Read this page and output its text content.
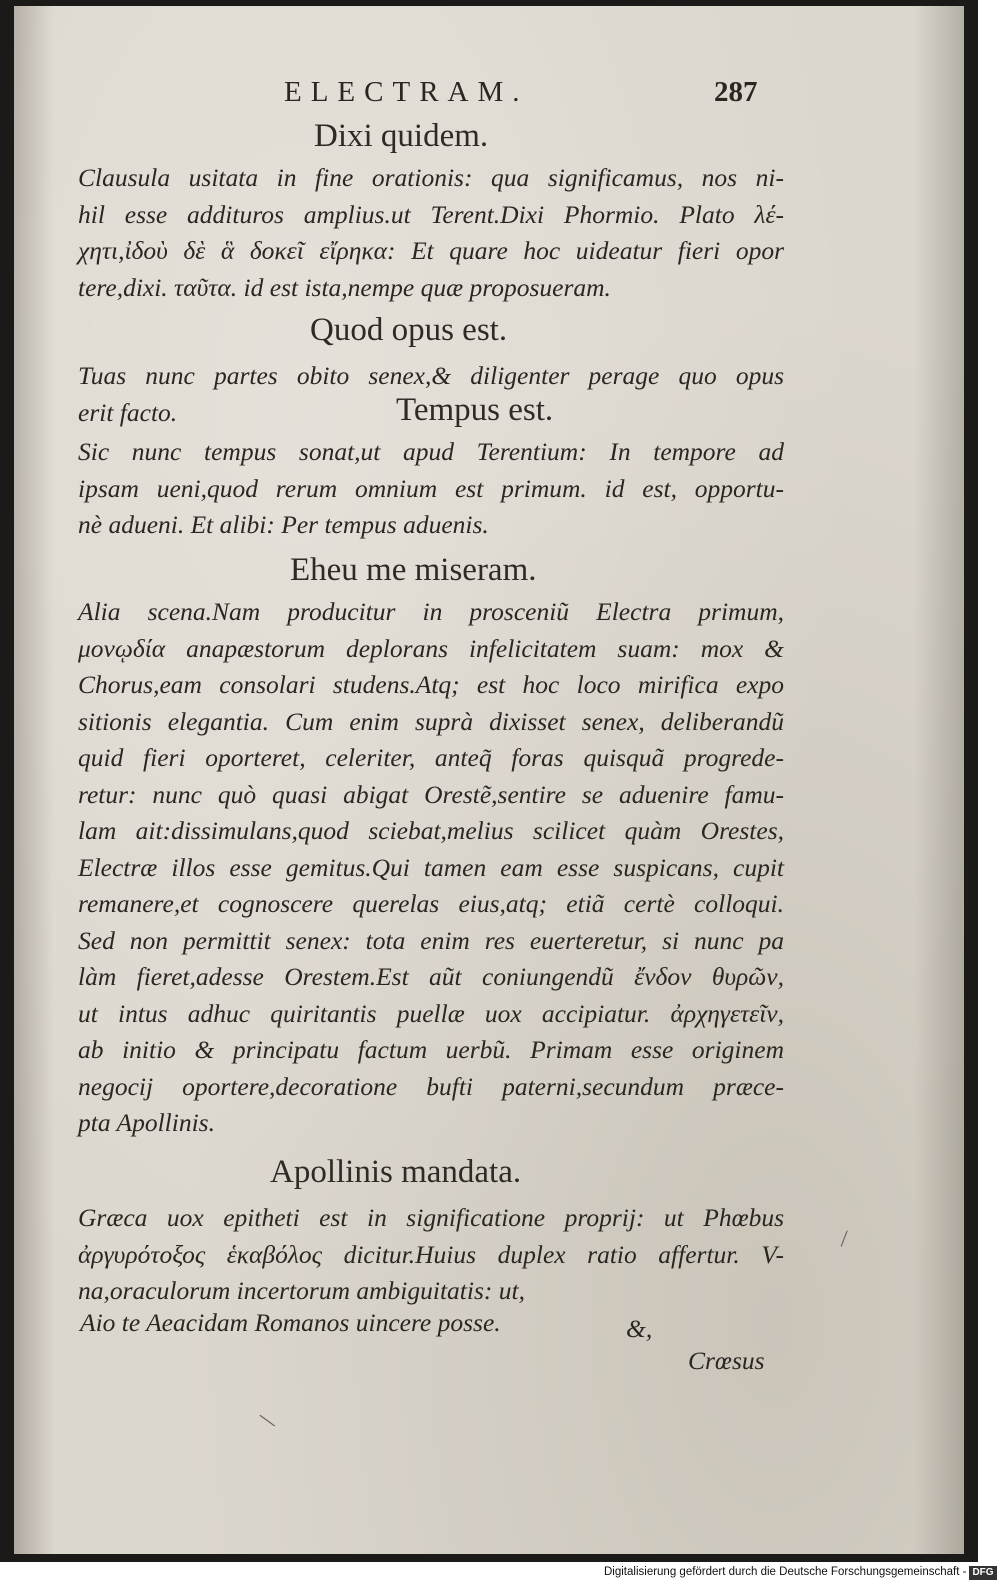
ELECTRAM.	287
Dixi quidem.
Clausula usitata in fine orationis: qua significamus, nos ni-
hil esse addituros amplius.ut Terent.Dixi Phormio. Plato λέ-
χητι,ἰδοὺ δὲ ἃ δοκεῖ εἴρηκα: Et quare hoc uideatur fieri opor
tere,dixi. ταῦτα. id est ista,nempe quæ proposueram.
Quod opus est.
Tuas nunc partes obito senex,& diligenter perage quo opus
erit facto.	Tempus est.
Sic nunc tempus sonat,ut apud Terentium: In tempore ad
ipsam ueni,quod rerum omnium est primum. id est, opportu-
nè adueni. Et alibi: Per tempus aduenis.
Eheu me miseram.
Alia scena.Nam producitur in prosceniũ Electra primum,
μονῳδία anapæstorum deplorans infelicitatem suam: mox &
Chorus,eam consolari studens.Atq; est hoc loco mirifica expo
sitionis elegantia. Cum enim suprà dixisset senex, deliberandũ
quid fieri oporteret, celeriter, anteq̃ foras quisquã progrede-
retur: nunc quò quasi abigat Orestẽ,sentire se aduenire famu-
lam ait:dissimulans,quod sciebat,melius scilicet quàm Orestes,
Electræ illos esse gemitus.Qui tamen eam esse suspicans, cupit
remanere,et cognoscere querelas eius,atq; etiã certè colloqui.
Sed non permittit senex: tota enim res euerteretur, si nunc pa
làm fieret,adesse Orestem.Est aũt coniungendũ ἔνδον θυρῶν,
ut intus adhuc quiritantis puellæ uox accipiatur. ἀρχηγετεῖν,
ab initio & principatu factum uerbũ. Primam esse originem
negocij oportere,decoratione bufti paterni,secundum præce-
pta Apollinis.
Apollinis mandata.
Græca uox epitheti est in significatione proprij: ut Phœbus
ἀργυρότοξος ἑκαβόλος dicitur.Huius duplex ratio affertur. V-
na,oraculorum incertorum ambiguitatis: ut,
Aio te Aeacidam Romanos uincere posse.	&,
Crœsus
\
\
Digitalisierung gefördert durch die Deutsche Forschungsgemeinschaft - DFG
